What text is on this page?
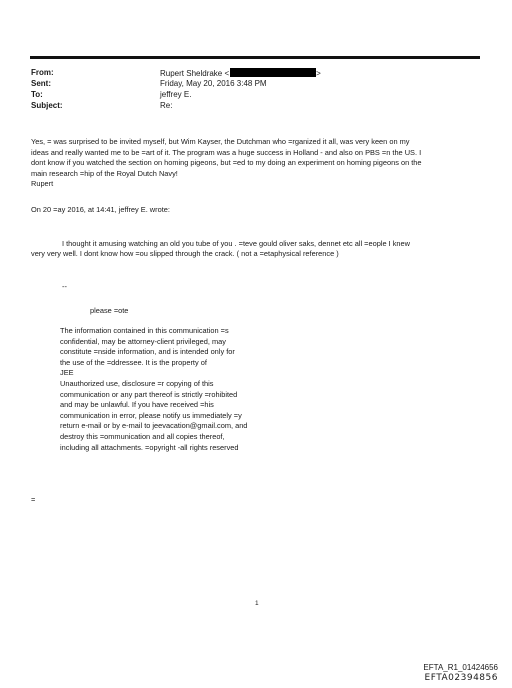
From:	Rupert Sheldrake <	>
Sent:	Friday, May 20, 2016 3:48 PM
To:	jeffrey E.
Subject:	Re:
Yes, = was surprised to be invited myself, but Wim Kayser, the Dutchman who =rganized it all, was very keen on my
ideas and really wanted me to be =art of it. The program was a huge success in Holland - and also on PBS =n the US. I
dont know if you watched the section on homing pigeons, but =ed to my doing an experiment on homing pigeons on the
main research =hip of the Royal Dutch Navy!
Rupert
On 20 =ay 2016, at 14:41, jeffrey E. wrote:
I thought it amusing watching an old you tube of you . =teve gould oliver saks, dennet etc all =eople I knew
very very well. I dont know how =ou slipped through the crack. ( not a =etaphysical reference )
--
please =ote
The information contained in this communication =s
confidential, may be attorney-client privileged, may
constitute =nside information, and is intended only for
the use of the =ddressee. It is the property of
JEE
Unauthorized use, disclosure =r copying of this
communication or any part thereof is strictly =rohibited
and may be unlawful. If you have received =his
communication in error, please notify us immediately =y
return e-mail or by e-mail to jeevacation@gmail.com, and
destroy this =ommunication and all copies thereof,
including all attachments. =opyright -all rights reserved
=
1
EFTA_R1_01424656
EFTA02394856
